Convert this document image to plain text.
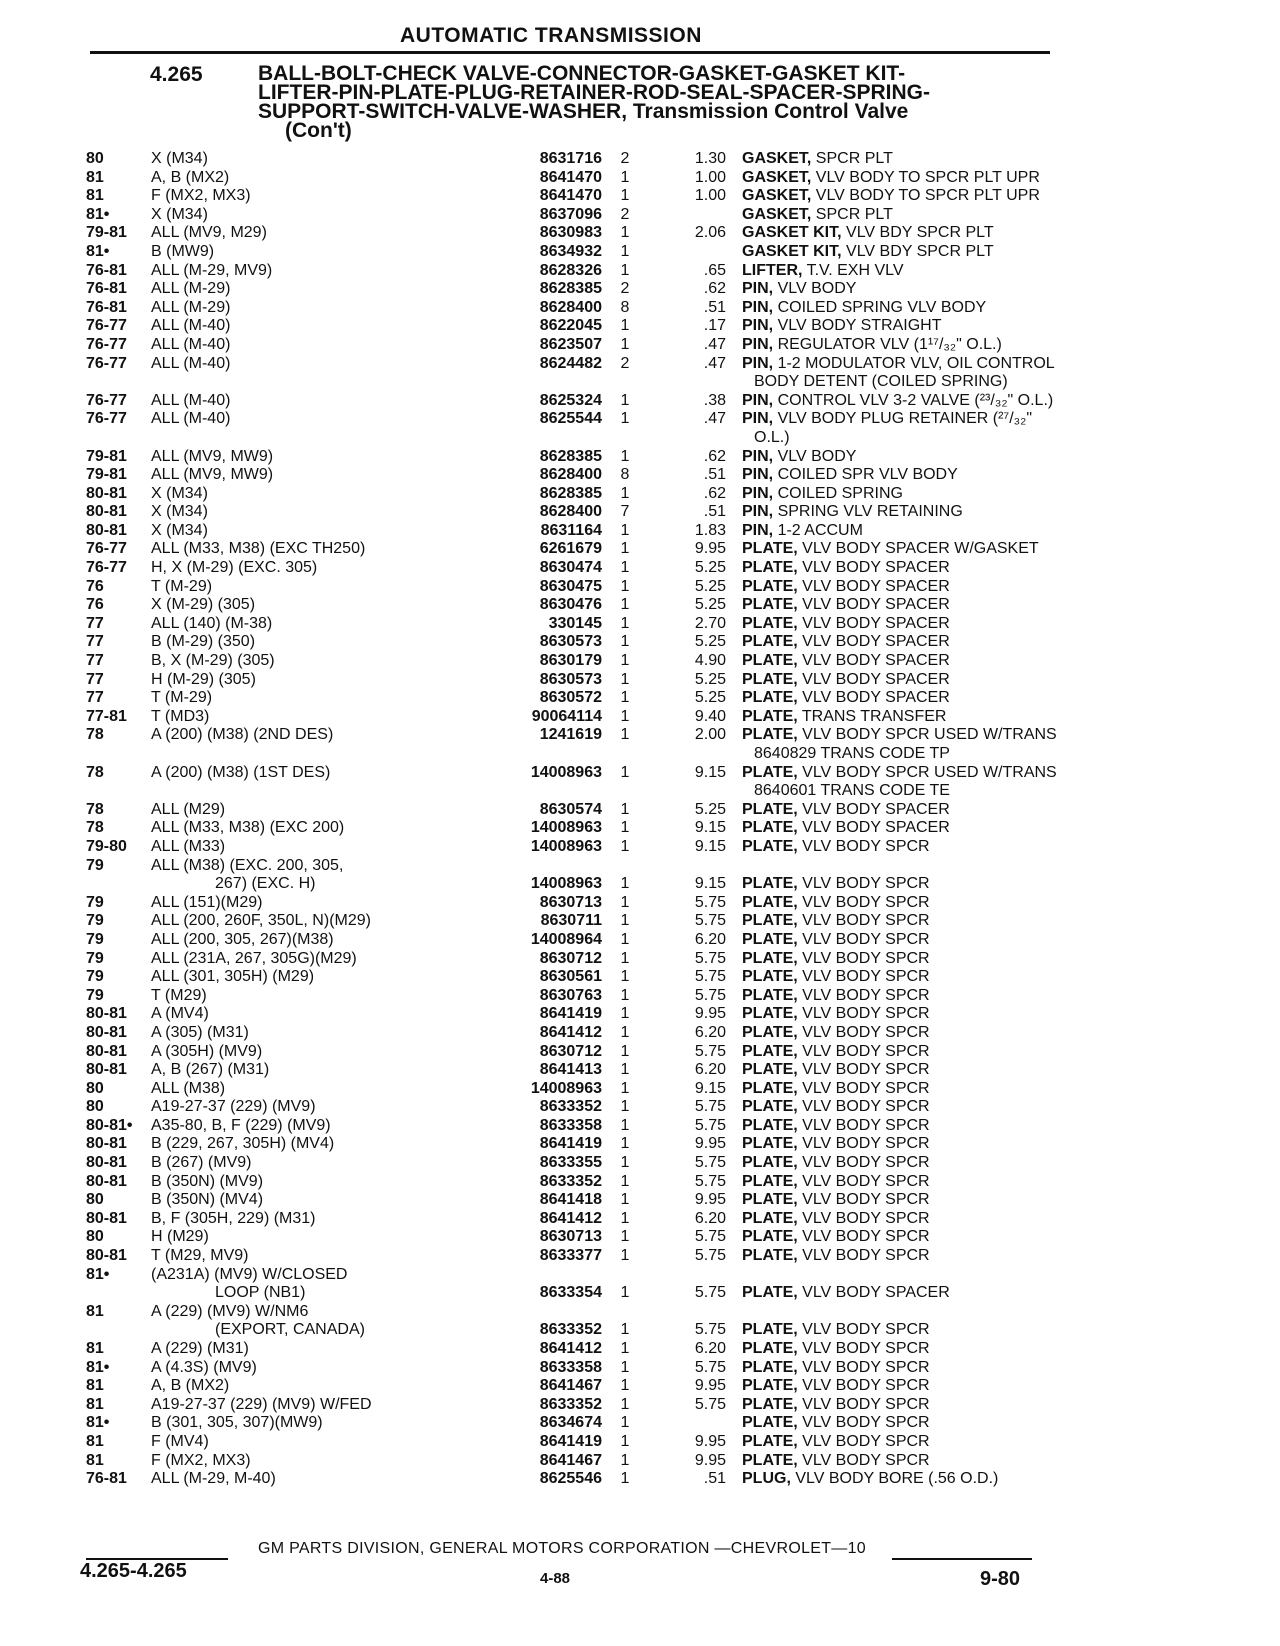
AUTOMATIC TRANSMISSION
4.265	BALL-BOLT-CHECK VALVE-CONNECTOR-GASKET-GASKET KIT-
LIFTER-PIN-PLATE-PLUG-RETAINER-ROD-SEAL-SPACER-SPRING-
SUPPORT-SWITCH-VALVE-WASHER, Transmission Control Valve
(Con't)
80	X (M34)	8631716	2	1.30 GASKET, SPCR PLT
81	A, B (MX2)	8641470	1	1.00 GASKET, VLV BODY TO SPCR PLT UPR
81	F (MX2, MX3)	8641470	1	1.00 GASKET, VLV BODY TO SPCR PLT UPR
81•	X (M34)	8637096	2	GASKET, SPCR PLT
79-81	ALL (MV9, M29)	8630983	1	2.06 GASKET KIT, VLV BDY SPCR PLT
81•	B (MW9)	8634932	1	GASKET KIT, VLV BDY SPCR PLT
76-81	ALL (M-29, MV9)	8628326	1	.65 LIFTER, T.V. EXH VLV
76-81	ALL (M-29)	8628385	2	.62 PIN, VLV BODY
76-81	ALL (M-29)	8628400	8	.51 PIN, COILED SPRING VLV BODY
76-77	ALL (M-40)	8622045	1	.17 PIN, VLV BODY STRAIGHT
76-77	ALL (M-40)	8623507	1	.47 PIN, REGULATOR VLV (1¹⁷/₃₂" O.L.)
76-77	ALL (M-40)	8624482	2	.47 PIN, 1-2 MODULATOR VLV, OIL CONTROL
BODY DETENT (COILED SPRING)
76-77	ALL (M-40)	8625324	1	.38 PIN, CONTROL VLV 3-2 VALVE (²³/₃₂" O.L.)
76-77	ALL (M-40)	8625544	1	.47 PIN, VLV BODY PLUG RETAINER (²⁷/₃₂"
O.L.)
79-81	ALL (MV9, MW9)	8628385	1	.62 PIN, VLV BODY
79-81	ALL (MV9, MW9)	8628400	8	.51 PIN, COILED SPR VLV BODY
80-81	X (M34)	8628385	1	.62 PIN, COILED SPRING
80-81	X (M34)	8628400	7	.51 PIN, SPRING VLV RETAINING
80-81	X (M34)	8631164	1	1.83 PIN, 1-2 ACCUM
76-77	ALL (M33, M38) (EXC TH250)	6261679	1	9.95 PLATE, VLV BODY SPACER W/GASKET
76-77	H, X (M-29) (EXC. 305)	8630474	1	5.25 PLATE, VLV BODY SPACER
76	T (M-29)	8630475	1	5.25 PLATE, VLV BODY SPACER
76	X (M-29) (305)	8630476	1	5.25 PLATE, VLV BODY SPACER
77	ALL (140) (M-38)	330145	1	2.70 PLATE, VLV BODY SPACER
77	B (M-29) (350)	8630573	1	5.25 PLATE, VLV BODY SPACER
77	B, X (M-29) (305)	8630179	1	4.90 PLATE, VLV BODY SPACER
77	H (M-29) (305)	8630573	1	5.25 PLATE, VLV BODY SPACER
77	T (M-29)	8630572	1	5.25 PLATE, VLV BODY SPACER
77-81	T (MD3)	90064114	1	9.40 PLATE, TRANS TRANSFER
78	A (200) (M38) (2ND DES)	1241619	1	2.00 PLATE, VLV BODY SPCR USED W/TRANS
8640829 TRANS CODE TP
78	A (200) (M38) (1ST DES)	14008963	1	9.15 PLATE, VLV BODY SPCR USED W/TRANS
8640601 TRANS CODE TE
78	ALL (M29)	8630574	1	5.25 PLATE, VLV BODY SPACER
78	ALL (M33, M38) (EXC 200)	14008963	1	9.15 PLATE, VLV BODY SPACER
79-80	ALL (M33)	14008963	1	9.15 PLATE, VLV BODY SPCR
79	ALL (M38) (EXC. 200, 305,
267) (EXC. H)	14008963	1	9.15 PLATE, VLV BODY SPCR
79	ALL (151)(M29)	8630713	1	5.75 PLATE, VLV BODY SPCR
79	ALL (200, 260F, 350L, N)(M29)	8630711	1	5.75 PLATE, VLV BODY SPCR
79	ALL (200, 305, 267)(M38)	14008964	1	6.20 PLATE, VLV BODY SPCR
79	ALL (231A, 267, 305G)(M29)	8630712	1	5.75 PLATE, VLV BODY SPCR
79	ALL (301, 305H) (M29)	8630561	1	5.75 PLATE, VLV BODY SPCR
79	T (M29)	8630763	1	5.75 PLATE, VLV BODY SPCR
80-81	A (MV4)	8641419	1	9.95 PLATE, VLV BODY SPCR
80-81	A (305) (M31)	8641412	1	6.20 PLATE, VLV BODY SPCR
80-81	A (305H) (MV9)	8630712	1	5.75 PLATE, VLV BODY SPCR
80-81	A, B (267) (M31)	8641413	1	6.20 PLATE, VLV BODY SPCR
80	ALL (M38)	14008963	1	9.15 PLATE, VLV BODY SPCR
80	A19-27-37 (229) (MV9)	8633352	1	5.75 PLATE, VLV BODY SPCR
80-81•	A35-80, B, F (229) (MV9)	8633358	1	5.75 PLATE, VLV BODY SPCR
80-81	B (229, 267, 305H) (MV4)	8641419	1	9.95 PLATE, VLV BODY SPCR
80-81	B (267) (MV9)	8633355	1	5.75 PLATE, VLV BODY SPCR
80-81	B (350N) (MV9)	8633352	1	5.75 PLATE, VLV BODY SPCR
80	B (350N) (MV4)	8641418	1	9.95 PLATE, VLV BODY SPCR
80-81	B, F (305H, 229) (M31)	8641412	1	6.20 PLATE, VLV BODY SPCR
80	H (M29)	8630713	1	5.75 PLATE, VLV BODY SPCR
80-81	T (M29, MV9)	8633377	1	5.75 PLATE, VLV BODY SPCR
81•	(A231A) (MV9) W/CLOSED
LOOP (NB1)	8633354	1	5.75 PLATE, VLV BODY SPACER
81	A (229) (MV9) W/NM6
(EXPORT, CANADA)	8633352	1	5.75 PLATE, VLV BODY SPCR
81	A (229) (M31)	8641412	1	6.20 PLATE, VLV BODY SPCR
81•	A (4.3S) (MV9)	8633358	1	5.75 PLATE, VLV BODY SPCR
81	A, B (MX2)	8641467	1	9.95 PLATE, VLV BODY SPCR
81	A19-27-37 (229) (MV9) W/FED	8633352	1	5.75 PLATE, VLV BODY SPCR
81•	B (301, 305, 307)(MW9)	8634674	1	PLATE, VLV BODY SPCR
81	F (MV4)	8641419	1	9.95 PLATE, VLV BODY SPCR
81	F (MX2, MX3)	8641467	1	9.95 PLATE, VLV BODY SPCR
76-81	ALL (M-29, M-40)	8625546	1	.51 PLUG, VLV BODY BORE (.56 O.D.)
GM PARTS DIVISION, GENERAL MOTORS CORPORATION —CHEVROLET—10
4.265-4.265	4-88	9-80
